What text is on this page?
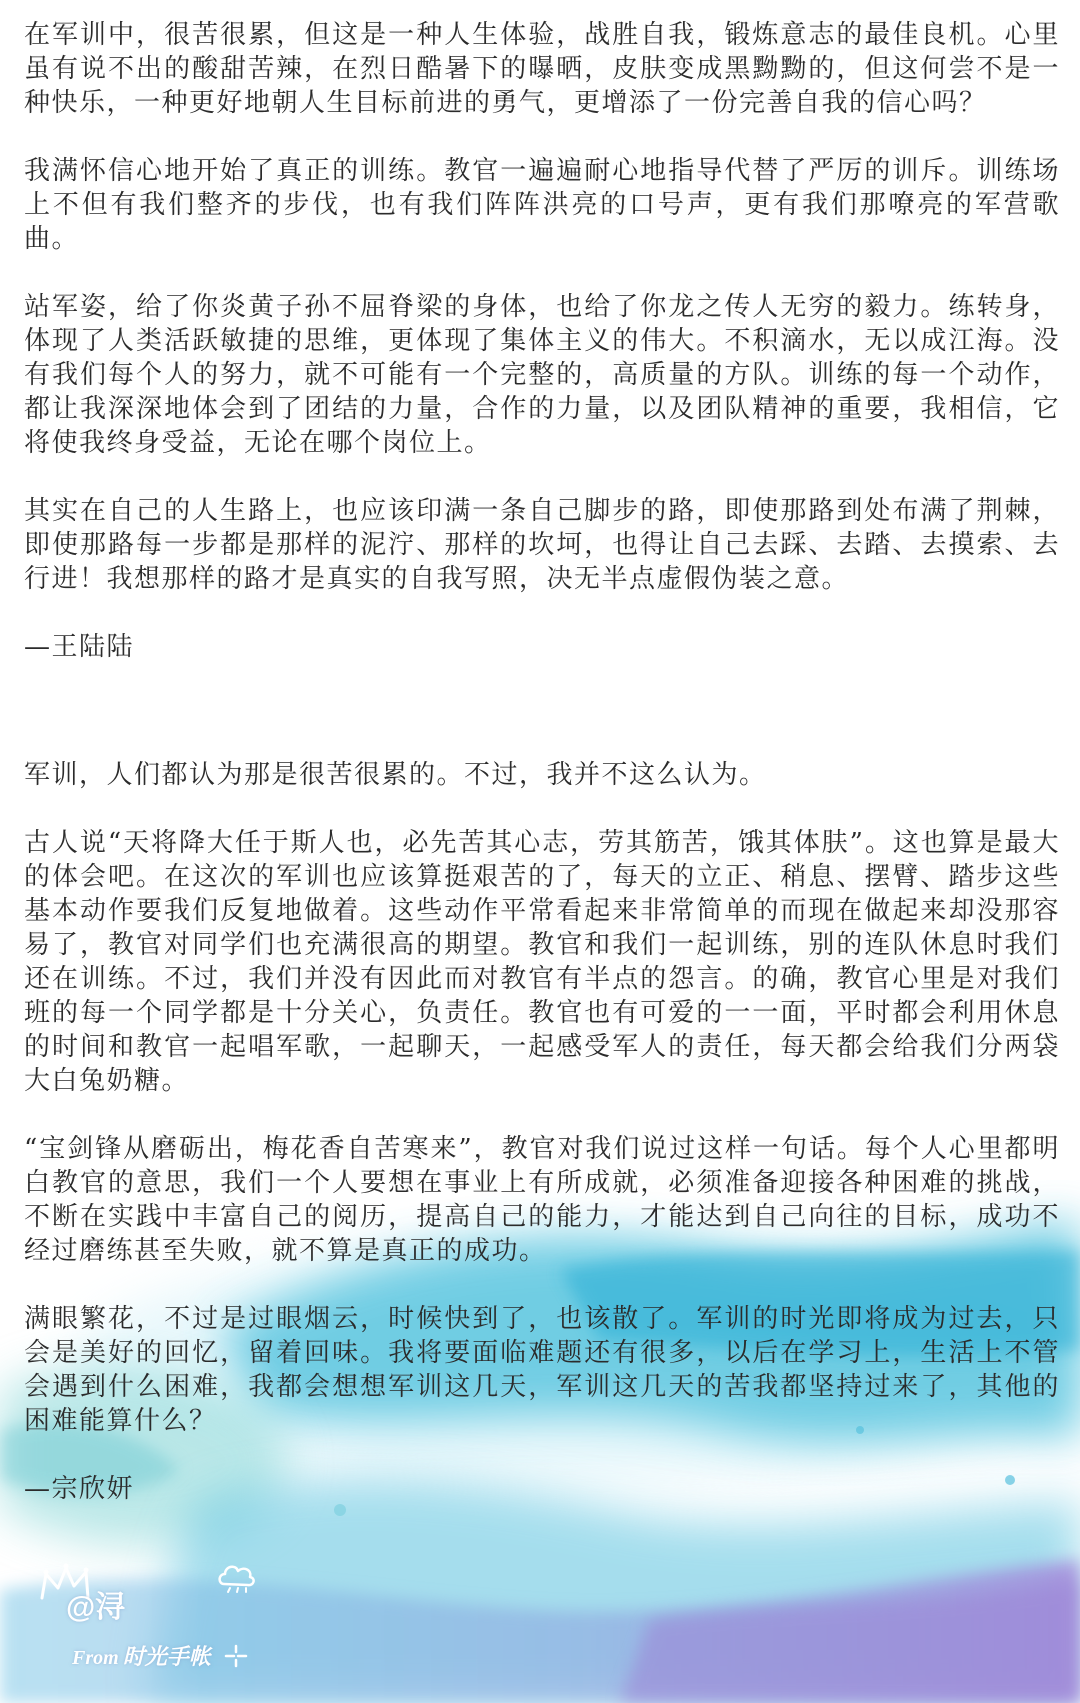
在军训中，很苦很累，但这是一种人生体验，战胜自我，锻炼意志的最佳良机。心里虽有说不出的酸甜苦辣，在烈日酷暑下的曝晒，皮肤变成黑黝黝的，但这何尝不是一种快乐，一种更好地朝人生目标前进的勇气，更增添了一份完善自我的信心吗？

我满怀信心地开始了真正的训练。教官一遍遍耐心地指导代替了严厉的训斥。训练场上不但有我们整齐的步伐，也有我们阵阵洪亮的口号声，更有我们那嘹亮的军营歌曲。

站军姿，给了你炎黄子孙不屈脊梁的身体，也给了你龙之传人无穷的毅力。练转身，体现了人类活跃敏捷的思维，更体现了集体主义的伟大。不积滴水，无以成江海。没有我们每个人的努力，就不可能有一个完整的，高质量的方队。训练的每一个动作，都让我深深地体会到了团结的力量，合作的力量，以及团队精神的重要，我相信，它将使我终身受益，无论在哪个岗位上。

其实在自己的人生路上，也应该印满一条自己脚步的路，即使那路到处布满了荆棘，即使那路每一步都是那样的泥泞、那样的坎坷，也得让自己去踩、去踏、去摸索、去行进！我想那样的路才是真实的自我写照，决无半点虚假伪装之意。

—王陆陆

军训，人们都认为那是很苦很累的。不过，我并不这么认为。

古人说“天将降大任于斯人也，必先苦其心志，劳其筋苦，饿其体肤”。这也算是最大的体会吧。在这次的军训也应该算挺艰苦的了，每天的立正、稍息、摆臂、踏步这些基本动作要我们反复地做着。这些动作平常看起来非常简单的而现在做起来却没那容易了，教官对同学们也充满很高的期望。教官和我们一起训练，别的连队休息时我们还在训练。不过，我们并没有因此而对教官有半点的怨言。的确，教官心里是对我们班的每一个同学都是十分关心，负责任。教官也有可爱的一一面，平时都会利用休息的时间和教官一起唱军歌，一起聊天，一起感受军人的责任，每天都会给我们分两袋大白兔奶糖。

“宝剑锋从磨砺出，梅花香自苦寒来”，教官对我们说过这样一句话。每个人心里都明白教官的意思，我们一个人要想在事业上有所成就，必须准备迎接各种困难的挑战，不断在实践中丰富自己的阅历，提高自己的能力，才能达到自己向往的目标，成功不经过磨练甚至失败，就不算是真正的成功。

满眼繁花，不过是过眼烟云，时候快到了，也该散了。军训的时光即将成为过去，只会是美好的回忆，留着回味。我将要面临难题还有很多，以后在学习上，生活上不管会遇到什么困难，我都会想想军训这几天，军训这几天的苦我都坚持过来了，其他的困难能算什么？

—宗欣妍

@浔
From 时光手帐
